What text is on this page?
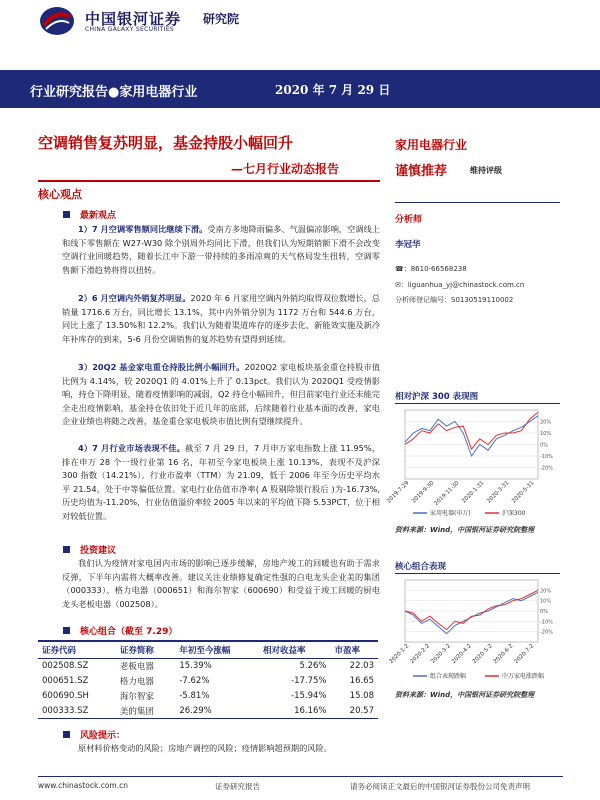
中国银河证券
CHINA GALAXY SECURITIES
研究院
行业研究报告●家用电器行业	2020 年 7 月 29 日
空调销售复苏明显，基金持股小幅回升
—七月行业动态报告
核心观点
最新观点
1）7 月空调零售额同比继续下滑。受南方多地降雨偏多、气温偏凉影响，空调线上和线下零售额在 W27-W30 除个别周外均同比下滑，但我们认为短期销额下滑不会改变空调行业回暖趋势，随着长江中下游一带持续的多雨凉爽的天气格局发生扭转，空调零售额下滑趋势将得以扭转。
2）6 月空调内外销复苏明显。2020 年 6 月家用空调内外销均取得双位数增长，总销量 1716.6 万台，同比增长 13.1%，其中内外销分别为 1172 万台和 544.6 万台，同比上涨了 13.50%和 12.2%。我们认为随着渠道库存的逐步去化、新能效实施及新冷年补库存的到来，5-6 月份空调销售的复苏趋势有望得到延续。
3）20Q2 基金家电重仓持股比例小幅回升。2020Q2 家电板块基金重仓持股市值比例为 4.14%，较 2020Q1 的 4.01%上升了 0.13pct。我们认为 2020Q1 受疫情影响，持仓下降明显，随着疫情影响的减弱，Q2 持仓小幅回升，但目前家电行业还未能完全走出疫情影响，基金持仓依旧处于近几年的底部，后续随着行业基本面的改善，家电企业业绩也将随之改善，基金重仓家电板块市值比例有望继续提升。
4）7 月行业市场表现不佳。截至 7 月 29 日，7 月申万家电指数上涨 11.95%，排在申万 28 个一级行业第 16 名，年初至今家电板块上涨 10.13%，表现不及沪深 300 指数（14.21%）。行业市盈率（TTM）为 21.09，低于 2006 年至今历史平均水平 21.54，处于中等偏低位置。家电行业估值市净率( A 股剔除银行股后 )为-16.73%,历史均值为-11.20%，行业估值溢价率较 2005 年以来的平均值下降 5.53PCT，位于相对较低位置。
投资建议
我们认为疫情对家电国内市场的影响已逐步缓解，房地产竣工的回暖也有助于需求反弹，下半年内需将大概率改善。建议关注业绩修复确定性强的白电龙头企业美的集团（000333）、格力电器（000651）和海尔智家（600690）和受益于竣工回暖的厨电龙头老板电器（002508）。
核心组合（截至 7.29）
证券代码	证券简称	年初至今涨幅	相对收益率	市盈率
002508.SZ	老板电器	15.39%	5.26%	22.03
000651.SZ	格力电器	-7.62%	-17.75%	16.65
600690.SH	海尔智家	-5.81%	-15.94%	15.08
000333.SZ	美的集团	26.29%	16.16%	20.57
风险提示：
原材料价格变动的风险；房地产调控的风险；疫情影响超预期的风险。
家用电器行业
谨慎推荐	维持评级
分析师
李冠华
☎：8610-66568238
✉：liguanhua_yj@chinastock.com.cn
分析师登记编号：S0130519110002
相对沪深 300 表现图
20%
10%
0%
-10%
-20%
2019-7-29 2019-9-30
2019-11-30 2020-1-31 2020-3-31 2020-5-31
家用电器(申万)	沪深300
资料来源：Wind，中国银河证券研究院整理
核心组合表现
20%
10%
0%
-10%
-20%
2020-1-2
2020-2-2
2020-3-2
2020-4-2
2020-5-2
2020-6-2
2020-7-2
组合表现跌幅	中万家电涨跌幅
资料来源：Wind，中国银河证券研究院整理
www.chinastock.com.cn	证券研究报告	请务必阅读正文最后的中国银河证券股份公司免责声明
